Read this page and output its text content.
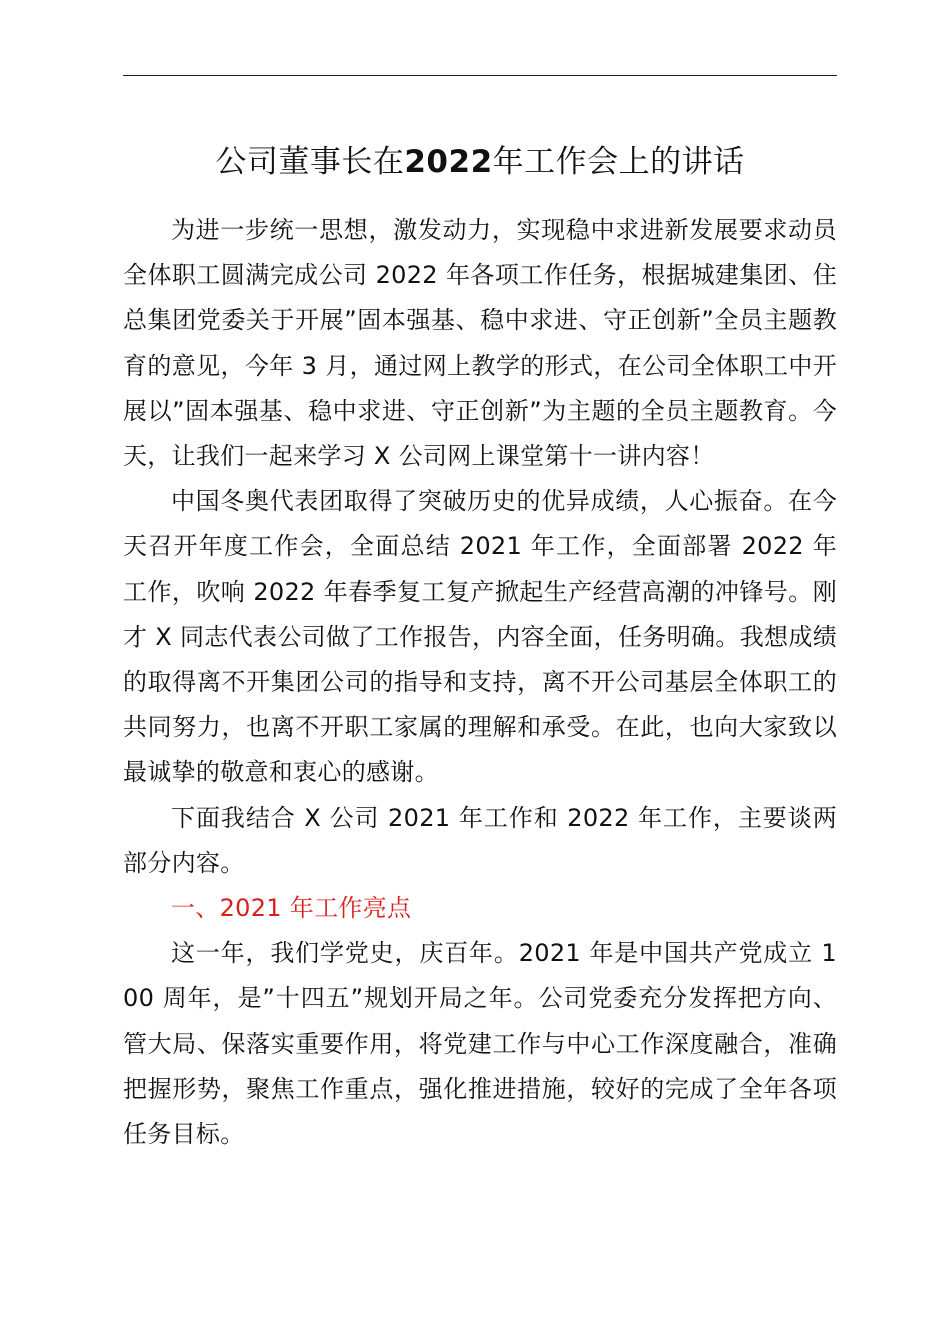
公司董事长在2022年工作会上的讲话

为进一步统一思想，激发动力，实现稳中求进新发展要求动员全体职工圆满完成公司 2022 年各项工作任务，根据城建集团、住总集团党委关于开展”固本强基、稳中求进、守正创新”全员主题教育的意见，今年 3 月，通过网上教学的形式，在公司全体职工中开展以”固本强基、稳中求进、守正创新”为主题的全员主题教育。今天，让我们一起来学习 X 公司网上课堂第十一讲内容！

中国冬奥代表团取得了突破历史的优异成绩，人心振奋。在今天召开年度工作会，全面总结 2021 年工作，全面部署 2022 年工作，吹响 2022 年春季复工复产掀起生产经营高潮的冲锋号。刚才 X 同志代表公司做了工作报告，内容全面，任务明确。我想成绩的取得离不开集团公司的指导和支持，离不开公司基层全体职工的共同努力，也离不开职工家属的理解和承受。在此，也向大家致以最诚挚的敬意和衷心的感谢。

下面我结合 X 公司 2021 年工作和 2022 年工作，主要谈两部分内容。

一、2021 年工作亮点

这一年，我们学党史，庆百年。2021 年是中国共产党成立 100 周年，是”十四五”规划开局之年。公司党委充分发挥把方向、管大局、保落实重要作用，将党建工作与中心工作深度融合，准确把握形势，聚焦工作重点，强化推进措施，较好的完成了全年各项任务目标。
